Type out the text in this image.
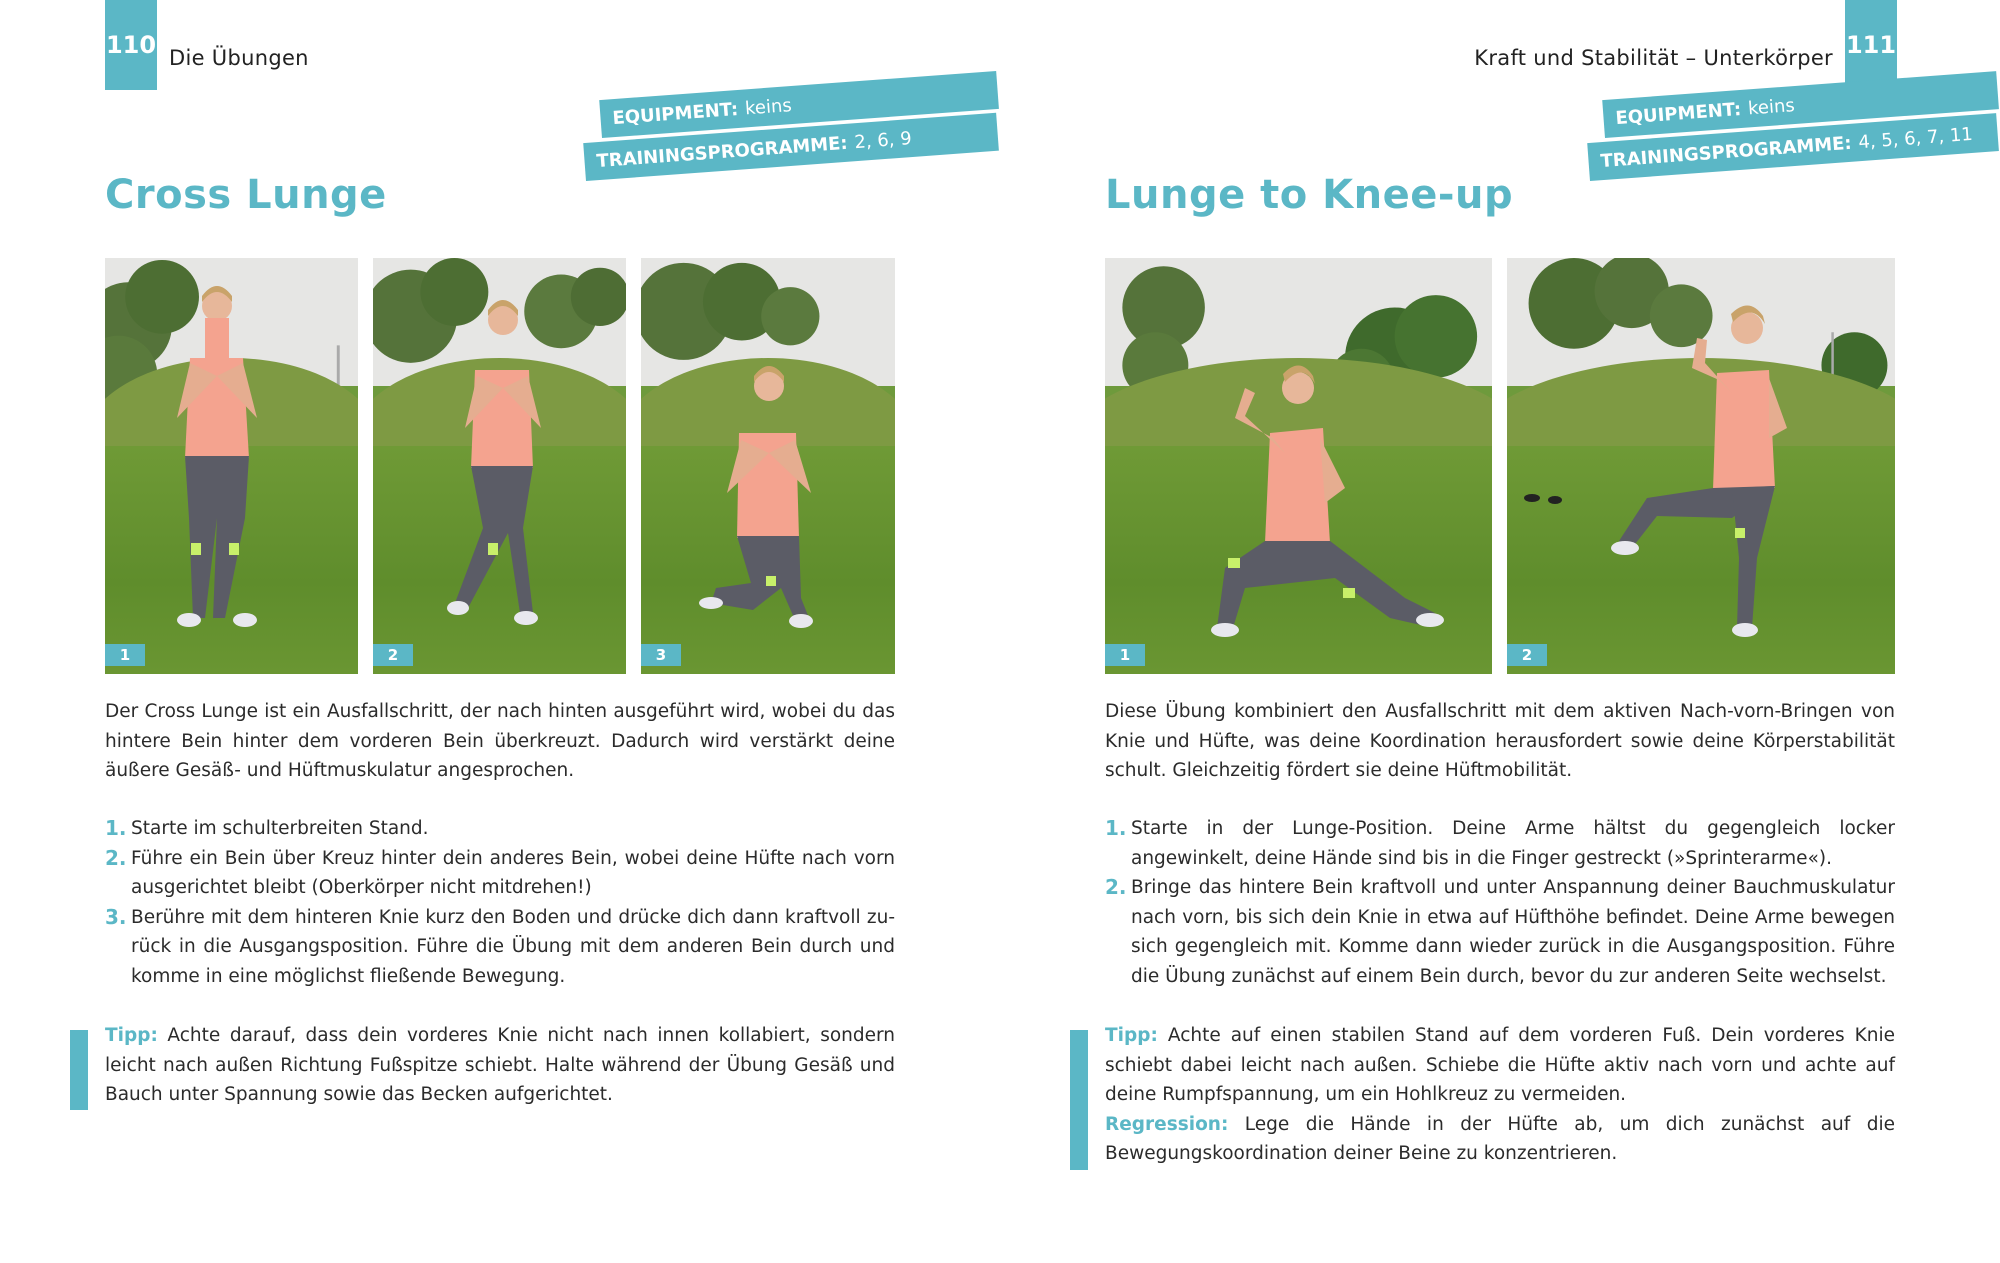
110 Die Übungen
EQUIPMENT: keins
TRAININGSPROGRAMME: 2, 6, 9
Cross Lunge
1	2	3
Der Cross Lunge ist ein Ausfallschritt, der nach hinten ausgeführt wird, wobei du das hintere Bein hinter dem vorderen Bein überkreuzt. Dadurch wird verstärkt deine äußere Gesäß- und Hüftmuskulatur angesprochen.
1. Starte im schulterbreiten Stand.
2. Führe ein Bein über Kreuz hinter dein anderes Bein, wobei deine Hüfte nach vorn ausgerichtet bleibt (Oberkörper nicht mitdrehen!)
3. Berühre mit dem hinteren Knie kurz den Boden und drücke dich dann kraftvoll zurück in die Ausgangsposition. Führe die Übung mit dem anderen Bein durch und komme in eine möglichst fließende Bewegung.
Tipp: Achte darauf, dass dein vorderes Knie nicht nach innen kollabiert, sondern leicht nach außen Richtung Fußspitze schiebt. Halte während der Übung Gesäß und Bauch unter Spannung sowie das Becken aufgerichtet.
111
Kraft und Stabilität – Unterkörper
EQUIPMENT: keins
TRAININGSPROGRAMME: 4, 5, 6, 7, 11
Lunge to Knee-up
1	2
Diese Übung kombiniert den Ausfallschritt mit dem aktiven Nach-vorn-Bringen von Knie und Hüfte, was deine Koordination herausfordert sowie deine Körperstabilität schult. Gleichzeitig fördert sie deine Hüftmobilität.
1. Starte in der Lunge-Position. Deine Arme hältst du gegengleich locker angewinkelt, deine Hände sind bis in die Finger gestreckt (»Sprinterarme«).
2. Bringe das hintere Bein kraftvoll und unter Anspannung deiner Bauchmuskulatur nach vorn, bis sich dein Knie in etwa auf Hüfthöhe befindet. Deine Arme bewegen sich gegengleich mit. Komme dann wieder zurück in die Ausgangsposition. Führe die Übung zunächst auf einem Bein durch, bevor du zur anderen Seite wechselst.
Tipp: Achte auf einen stabilen Stand auf dem vorderen Fuß. Dein vorderes Knie schiebt dabei leicht nach außen. Schiebe die Hüfte aktiv nach vorn und achte auf deine Rumpfspannung, um ein Hohlkreuz zu vermeiden.
Regression: Lege die Hände in der Hüfte ab, um dich zunächst auf die Bewegungskoordination deiner Beine zu konzentrieren.
